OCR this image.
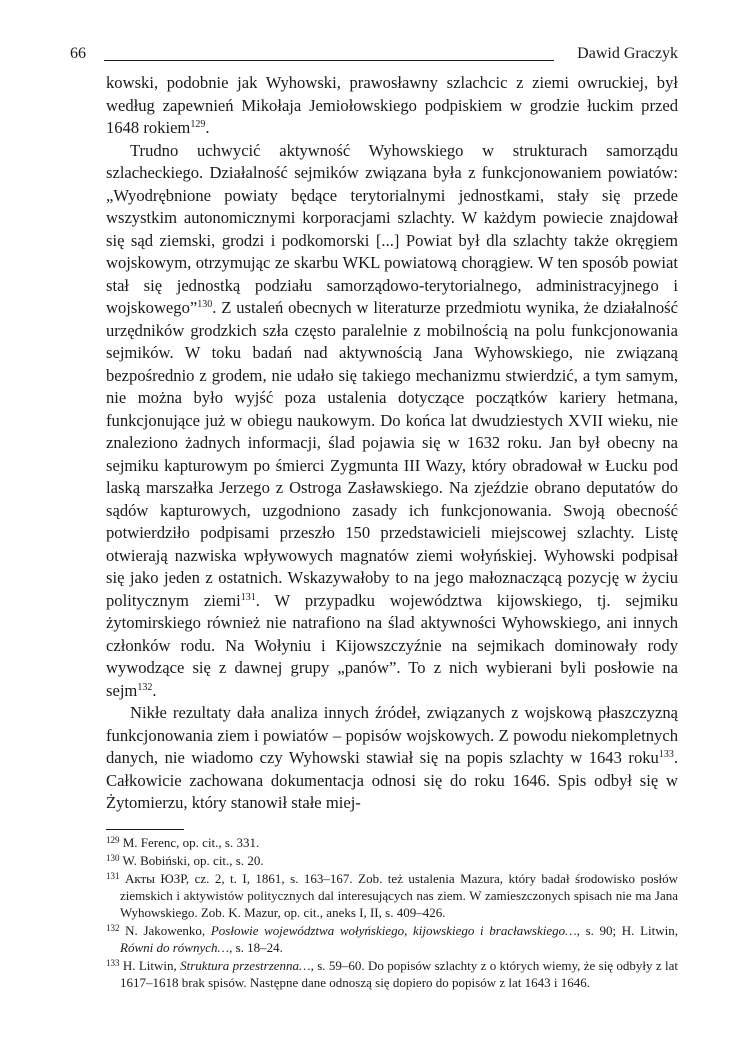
66	Dawid Graczyk

kowski, podobnie jak Wyhowski, prawosławny szlachcic z ziemi owruckiej, był według zapewnień Mikołaja Jemiołowskiego podpiskiem w grodzie łuckim przed 1648 rokiem$^{129}$.

Trudno uchwycić aktywność Wyhowskiego w strukturach samorządu szlacheckiego. Działalność sejmików związana była z funkcjonowaniem powiatów: „Wyodrębnione powiaty będące terytorialnymi jednostkami, stały się przede wszystkim autonomicznymi korporacjami szlachty. W każdym powiecie znajdował się sąd ziemski, grodzi i podkomorski [...] Powiat był dla szlachty także okręgiem wojskowym, otrzymując ze skarbu WKL powiatową chorągiew. W ten sposób powiat stał się jednostką podziału samorządowo-terytorialnego, administracyjnego i wojskowego”$^{130}$. Z ustaleń obecnych w literaturze przedmiotu wynika, że działalność urzędników grodzkich szła często paralelnie z mobilnością na polu funkcjonowania sejmików. W toku badań nad aktywnością Jana Wyhowskiego, nie związaną bezpośrednio z grodem, nie udało się takiego mechanizmu stwierdzić, a tym samym, nie można było wyjść poza ustalenia dotyczące początków kariery hetmana, funkcjonujące już w obiegu naukowym. Do końca lat dwudziestych XVII wieku, nie znaleziono żadnych informacji, ślad pojawia się w 1632 roku. Jan był obecny na sejmiku kapturowym po śmierci Zygmunta III Wazy, który obradował w Łucku pod laską marszałka Jerzego z Ostroga Zasławskiego. Na zjeździe obrano deputatów do sądów kapturowych, uzgodniono zasady ich funkcjonowania. Swoją obecność potwierdziło podpisami przeszło 150 przedstawicieli miejscowej szlachty. Listę otwierają nazwiska wpływowych magnatów ziemi wołyńskiej. Wyhowski podpisał się jako jeden z ostatnich. Wskazywałoby to na jego małoznaczącą pozycję w życiu politycznym ziemi$^{131}$. W przypadku województwa kijowskiego, tj. sejmiku żytomirskiego również nie natrafiono na ślad aktywności Wyhowskiego, ani innych członków rodu. Na Wołyniu i Kijowszczyźnie na sejmikach dominowały rody wywodzące się z dawnej grupy „panów”. To z nich wybierani byli posłowie na sejm$^{132}$.

Nikłe rezultaty dała analiza innych źródeł, związanych z wojskową płaszczyzną funkcjonowania ziem i powiatów – popisów wojskowych. Z powodu niekompletnych danych, nie wiadomo czy Wyhowski stawiał się na popis szlachty w 1643 roku$^{133}$. Całkowicie zachowana dokumentacja odnosi się do roku 1646. Spis odbył się w Żytomierzu, który stanowił stałe miej-

$^{129}$ M. Ferenc, op. cit., s. 331.

$^{130}$ W. Bobiński, op. cit., s. 20.

$^{131}$ Акты ЮЗР, cz. 2, t. I, 1861, s. 163–167. Zob. też ustalenia Mazura, który badał środowisko posłów ziemskich i aktywistów politycznych dal interesujących nas ziem. W zamieszczonych spisach nie ma Jana Wyhowskiego. Zob. K. Mazur, op. cit., aneks I, II, s. 409–426.

$^{132}$ N. Jakowenko, Posłowie województwa wołyńskiego, kijowskiego i bracławskiego…, s. 90; H. Litwin, Równi do równych…, s. 18–24.

$^{133}$ H. Litwin, Struktura przestrzenna…, s. 59–60. Do popisów szlachty z o których wiemy, że się odbyły z lat 1617–1618 brak spisów. Następne dane odnoszą się dopiero do popisów z lat 1643 i 1646.
